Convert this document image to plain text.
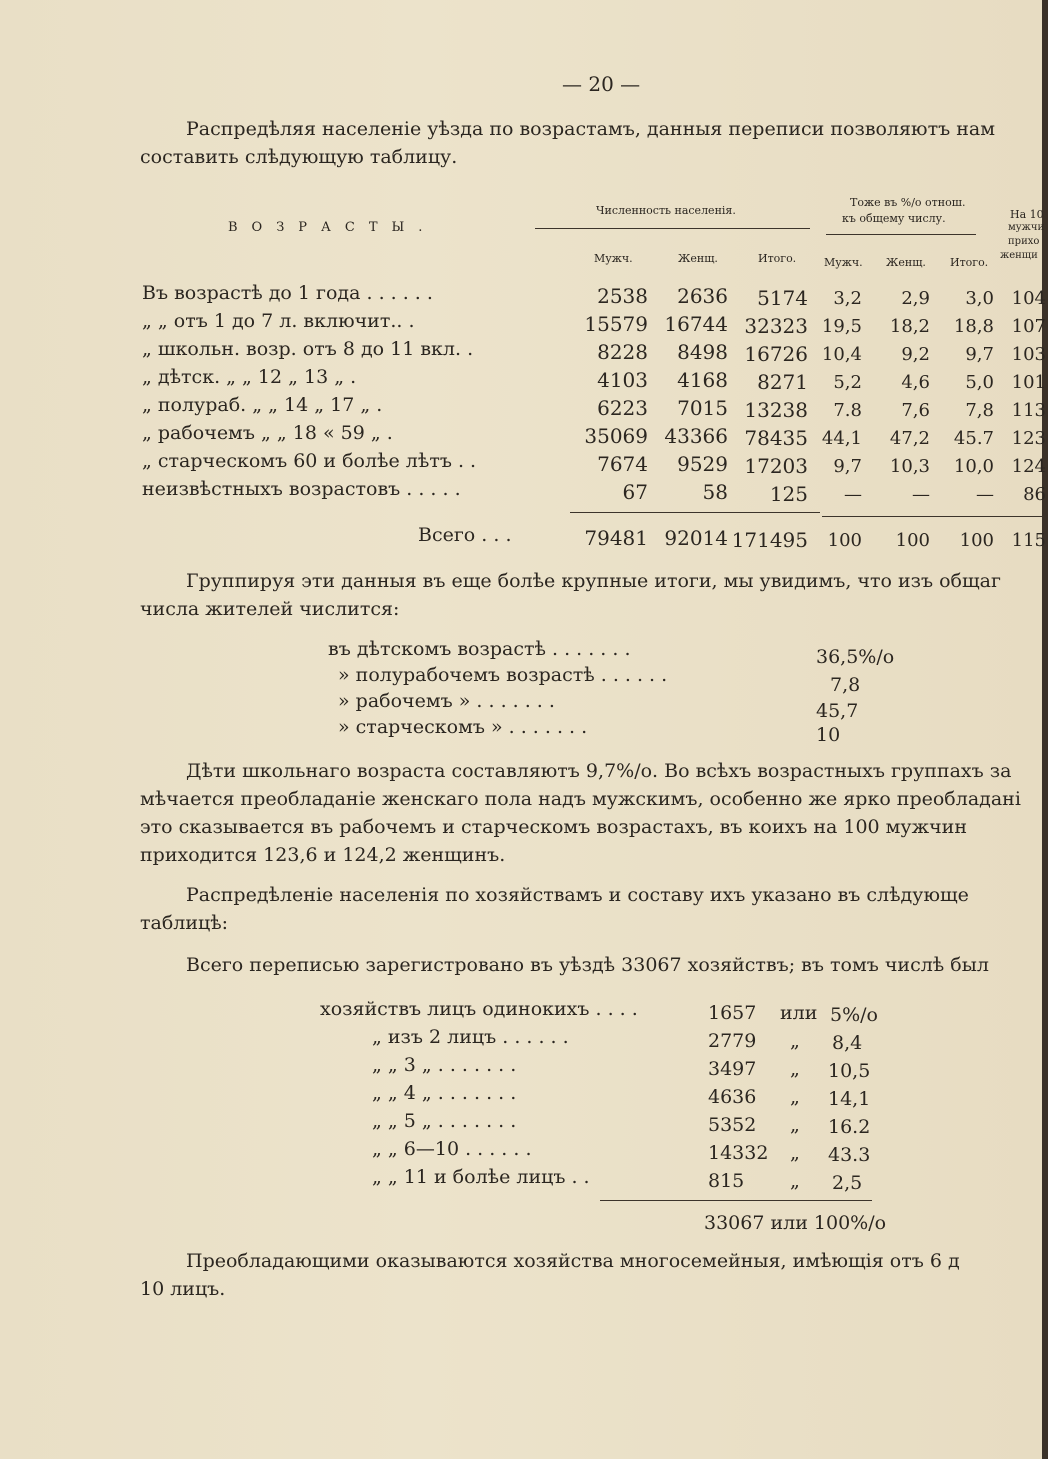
— 20 —
Распредѣляя населеніе уѣзда по возрастамъ, данныя переписи позволяютъ нам
составить слѣдующую таблицу.
ВОЗРАСТЫ.
Численность населенія.
Тоже въ %/о отнош.
къ общему числу.	На 10
мужчи
прихо
женщи
Мужч.	Женщ.	Итого.	Мужч. Женщ. Итого.
Въ возрастѣ до 1 года . . . . . .	2538	2636	5174	3,2	2,9	3,0 104
„ „ отъ 1 до 7 л. включит.. .	15579 16744 32323 19,5	18,2	18,8 107
„ школьн. возр. отъ 8 до 11 вкл. .	8228	8498 16726 10,4	9,2	9,7 103
„ дѣтск. „ „ 12 „ 13 „ .	4103	4168	8271	5,2	4,6	5,0 101
„ полураб. „ „ 14 „ 17 „ .	6223	7015 13238	7.8	7,6	7,8 113
„ рабочемъ „ „ 18 « 59 „ .	35069 43366 78435 44,1	47,2	45.7 123
„ старческомъ 60 и болѣе лѣтъ . .	7674	9529 17203	9,7	10,3	10,0 124
неизвѣстныхъ возрастовъ . . . . .	67	58	125	—	—	—	86
Всего . . .	79481 92014 171495	100	100	100 115
Группируя эти данныя въ еще болѣе крупные итоги, мы увидимъ, что изъ общаг
числа жителей числится:
въ дѣтскомъ возрастѣ . . . . . . .	36,5%/о
» полурабочемъ возрастѣ . . . . . .	7,8
» рабочемъ » . . . . . . .	45,7
» старческомъ » . . . . . . .	10
Дѣти школьнаго возраста составляютъ 9,7%/о. Во всѣхъ возрастныхъ группахъ за
мѣчается преобладаніе женскаго пола надъ мужскимъ, особенно же ярко преобладані
это сказывается въ рабочемъ и старческомъ возрастахъ, въ коихъ на 100 мужчин
приходится 123,6 и 124,2 женщинъ.
Распредѣленіе населенія по хозяйствамъ и составу ихъ указано въ слѣдующе
таблицѣ:
Всего переписью зарегистровано въ уѣздѣ 33067 хозяйствъ; въ томъ числѣ был
хозяйствъ лицъ одинокихъ . . . .	1657 или 5%/о
„ изъ 2 лицъ . . . . . .	2779 „ 8,4
„ „ 3 „ . . . . . . .	3497 „ 10,5
„ „ 4 „ . . . . . . .	4636 „ 14,1
„ „ 5 „ . . . . . . .	5352 „ 16.2
„ „ 6—10 . . . . . .	14332 „ 43.3
„ „ 11 и болѣе лицъ . .	815 „ 2,5
33067 или 100%/о
Преобладающими оказываются хозяйства многосемейныя, имѣющія отъ 6 д
10 лицъ.
